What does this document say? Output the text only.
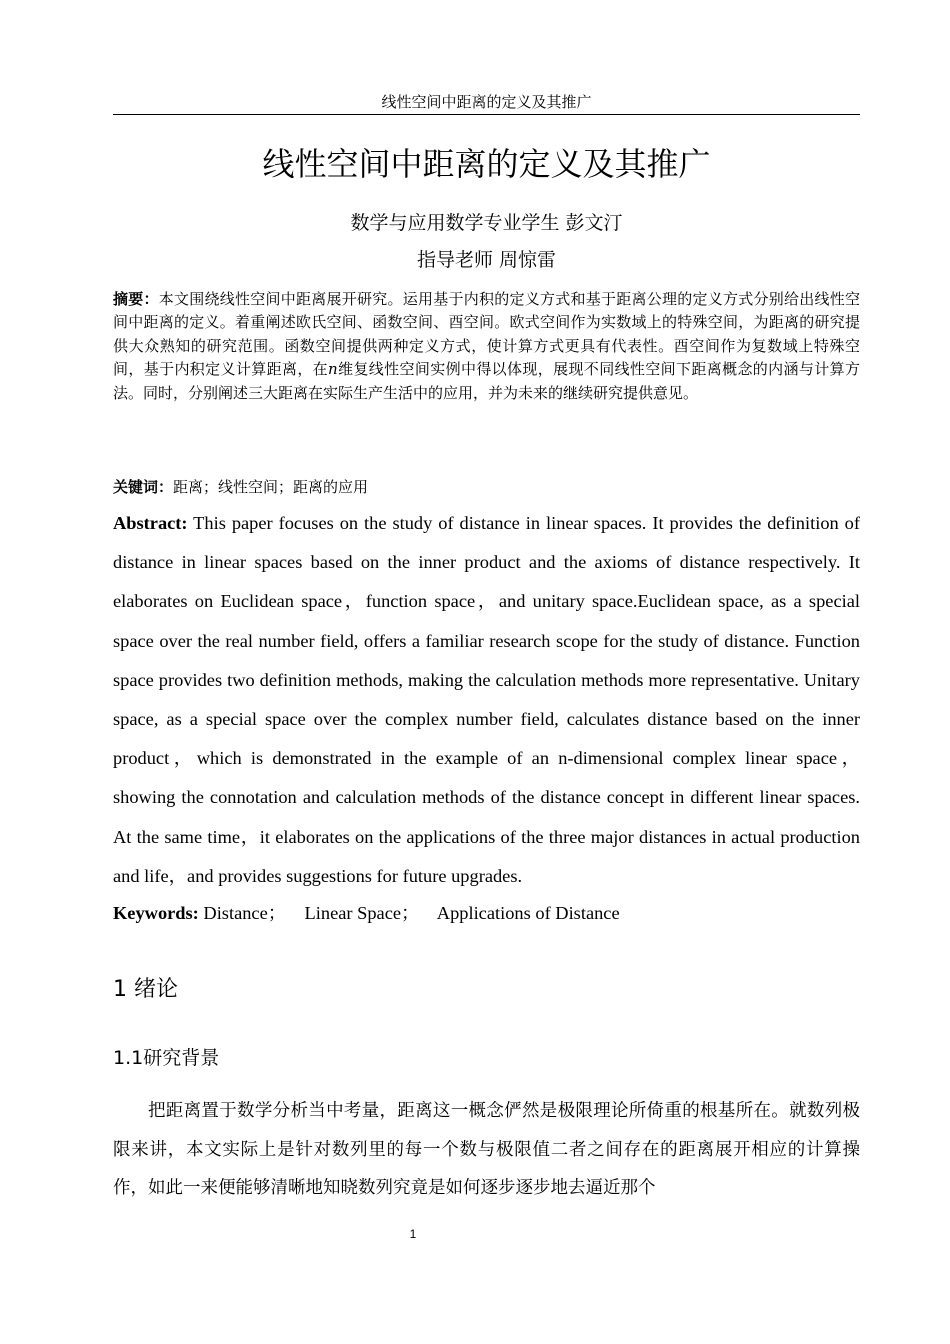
线性空间中距离的定义及其推广
线性空间中距离的定义及其推广
数学与应用数学专业学生 彭文汀
指导老师 周惊雷

摘要：本文围绕线性空间中距离展开研究。运用基于内积的定义方式和基于距离公理的定义方式分别给出线性空间中距离的定义。着重阐述欧氏空间、函数空间、酉空间。欧式空间作为实数域上的特殊空间，为距离的研究提供大众熟知的研究范围。函数空间提供两种定义方式，使计算方式更具有代表性。酉空间作为复数域上特殊空间，基于内积定义计算距离，在n维复线性空间实例中得以体现，展现不同线性空间下距离概念的内涵与计算方法。同时，分别阐述三大距离在实际生产生活中的应用，并为未来的继续研究提供意见。

关键词：距离；线性空间；距离的应用

Abstract: This paper focuses on the study of distance in linear spaces. It provides the definition of distance in linear spaces based on the inner product and the axioms of distance respectively. It elaborates on Euclidean space，function space，and unitary space.Euclidean space, as a special space over the real number field, offers a familiar research scope for the study of distance. Function space provides two definition methods, making the calculation methods more representative. Unitary space, as a special space over the complex number field, calculates distance based on the inner product，which is demonstrated in the example of an n-dimensional complex linear space， showing the connotation and calculation methods of the distance concept in different linear spaces. At the same time，it elaborates on the applications of the three major distances in actual production and life，and provides suggestions for future upgrades.

Keywords: Distance；    Linear Space；    Applications of Distance

1 绪论
1.1研究背景

把距离置于数学分析当中考量，距离这一概念俨然是极限理论所倚重的根基所在。就数列极限来讲，本文实际上是针对数列里的每一个数与极限值二者之间存在的距离展开相应的计算操作，如此一来便能够清晰地知晓数列究竟是如何逐步逐步地去逼近那个

1
